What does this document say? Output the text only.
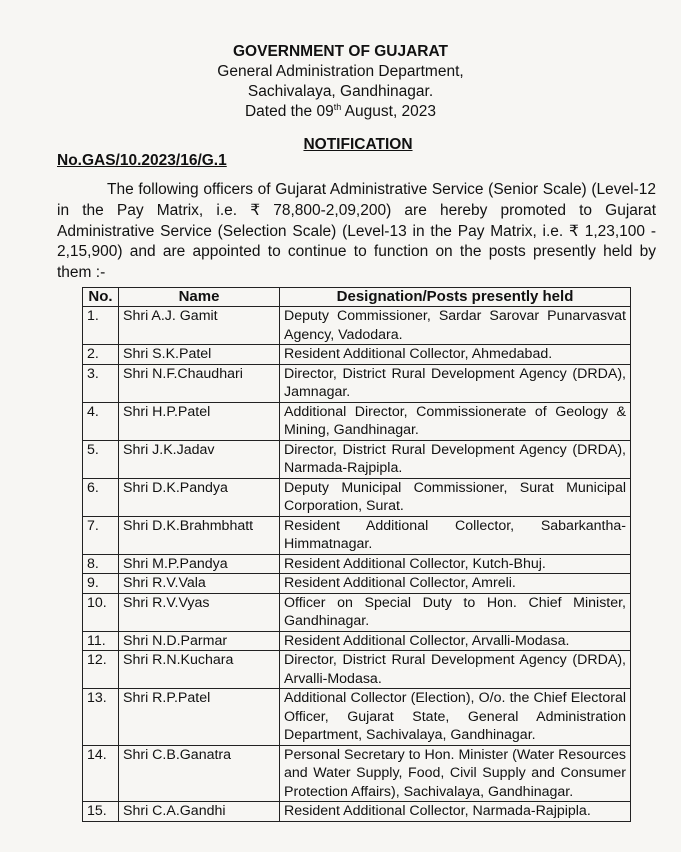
GOVERNMENT OF GUJARAT
General Administration Department,
Sachivalaya, Gandhinagar.
Dated the 09th August, 2023
NOTIFICATION
No.GAS/10.2023/16/G.1
The following officers of Gujarat Administrative Service (Senior Scale) (Level-12 in the Pay Matrix, i.e. ₹ 78,800-2,09,200) are hereby promoted to Gujarat Administrative Service (Selection Scale) (Level-13 in the Pay Matrix, i.e. ₹ 1,23,100 - 2,15,900) and are appointed to continue to function on the posts presently held by them :-
No.	Name	Designation/Posts presently held
1.	Shri A.J. Gamit	Deputy Commissioner, Sardar Sarovar Punarvasvat Agency, Vadodara.
2.	Shri S.K.Patel	Resident Additional Collector, Ahmedabad.
3.	Shri N.F.Chaudhari	Director, District Rural Development Agency (DRDA), Jamnagar.
4.	Shri H.P.Patel	Additional Director, Commissionerate of Geology & Mining, Gandhinagar.
5.	Shri J.K.Jadav	Director, District Rural Development Agency (DRDA), Narmada-Rajpipla.
6.	Shri D.K.Pandya	Deputy Municipal Commissioner, Surat Municipal Corporation, Surat.
7.	Shri D.K.Brahmbhatt	Resident Additional Collector, Sabarkantha-Himmatnagar.
8.	Shri M.P.Pandya	Resident Additional Collector, Kutch-Bhuj.
9.	Shri R.V.Vala	Resident Additional Collector, Amreli.
10.	Shri R.V.Vyas	Officer on Special Duty to Hon. Chief Minister, Gandhinagar.
11.	Shri N.D.Parmar	Resident Additional Collector, Arvalli-Modasa.
12.	Shri R.N.Kuchara	Director, District Rural Development Agency (DRDA), Arvalli-Modasa.
13.	Shri R.P.Patel	Additional Collector (Election), O/o. the Chief Electoral Officer, Gujarat State, General Administration Department, Sachivalaya, Gandhinagar.
14.	Shri C.B.Ganatra	Personal Secretary to Hon. Minister (Water Resources and Water Supply, Food, Civil Supply and Consumer Protection Affairs), Sachivalaya, Gandhinagar.
15.	Shri C.A.Gandhi	Resident Additional Collector, Narmada-Rajpipla.
